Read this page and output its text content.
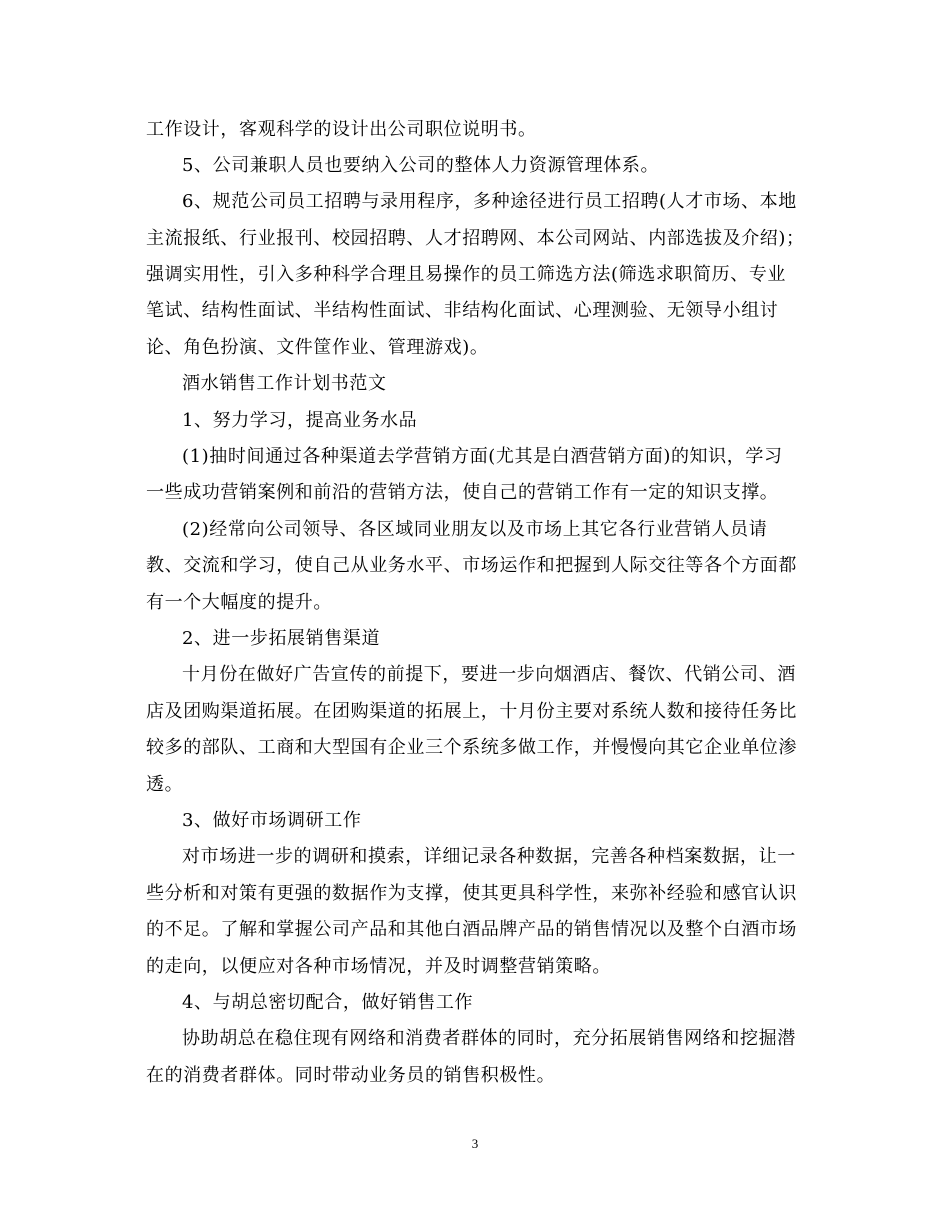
工作设计，客观科学的设计出公司职位说明书。
5、公司兼职人员也要纳入公司的整体人力资源管理体系。
6、规范公司员工招聘与录用程序，多种途径进行员工招聘(人才市场、本地
主流报纸、行业报刊、校园招聘、人才招聘网、本公司网站、内部选拔及介绍)；
强调实用性，引入多种科学合理且易操作的员工筛选方法(筛选求职简历、专业
笔试、结构性面试、半结构性面试、非结构化面试、心理测验、无领导小组讨
论、角色扮演、文件筐作业、管理游戏)。
酒水销售工作计划书范文
1、努力学习，提高业务水品
(1)抽时间通过各种渠道去学营销方面(尤其是白酒营销方面)的知识，学习
一些成功营销案例和前沿的营销方法，使自己的营销工作有一定的知识支撑。
(2)经常向公司领导、各区域同业朋友以及市场上其它各行业营销人员请
教、交流和学习，使自己从业务水平、市场运作和把握到人际交往等各个方面都
有一个大幅度的提升。
2、进一步拓展销售渠道
十月份在做好广告宣传的前提下，要进一步向烟酒店、餐饮、代销公司、酒
店及团购渠道拓展。在团购渠道的拓展上，十月份主要对系统人数和接待任务比
较多的部队、工商和大型国有企业三个系统多做工作，并慢慢向其它企业单位渗
透。
3、做好市场调研工作
对市场进一步的调研和摸索，详细记录各种数据，完善各种档案数据，让一
些分析和对策有更强的数据作为支撑，使其更具科学性，来弥补经验和感官认识
的不足。了解和掌握公司产品和其他白酒品牌产品的销售情况以及整个白酒市场
的走向，以便应对各种市场情况，并及时调整营销策略。
4、与胡总密切配合，做好销售工作
协助胡总在稳住现有网络和消费者群体的同时，充分拓展销售网络和挖掘潜
在的消费者群体。同时带动业务员的销售积极性。
3
